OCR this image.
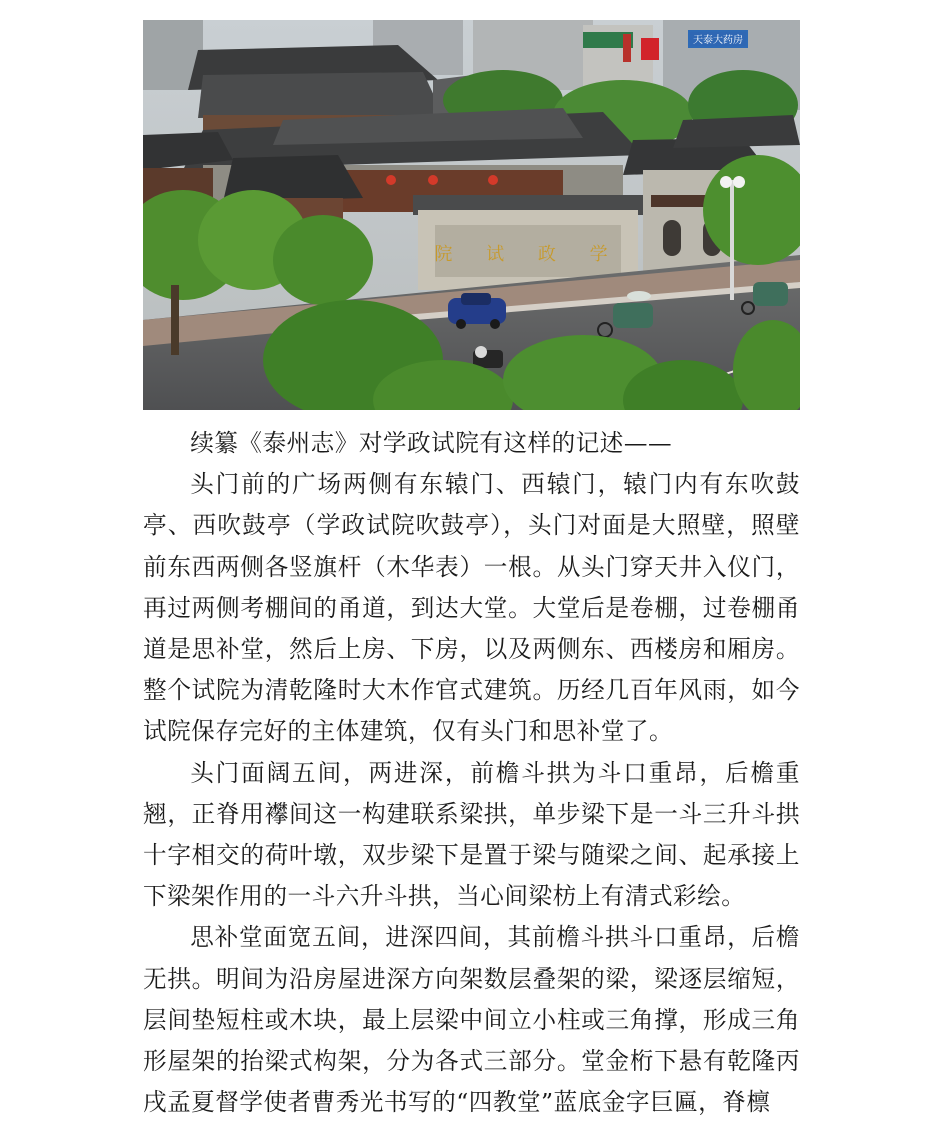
天泰大药房
院 试 政 学

续纂《泰州志》对学政试院有这样的记述——

头门前的广场两侧有东辕门、西辕门，辕门内有东吹鼓亭、西吹鼓亭（学政试院吹鼓亭），头门对面是大照壁，照壁前东西两侧各竖旗杆（木华表）一根。从头门穿天井入仪门，再过两侧考棚间的甬道，到达大堂。大堂后是卷棚，过卷棚甬道是思补堂，然后上房、下房，以及两侧东、西楼房和厢房。整个试院为清乾隆时大木作官式建筑。历经几百年风雨，如今试院保存完好的主体建筑，仅有头门和思补堂了。

头门面阔五间，两进深，前檐斗拱为斗口重昂，后檐重翘，正脊用襻间这一构建联系梁拱，单步梁下是一斗三升斗拱十字相交的荷叶墩，双步梁下是置于梁与随梁之间、起承接上下梁架作用的一斗六升斗拱，当心间梁枋上有清式彩绘。

思补堂面宽五间，进深四间，其前檐斗拱斗口重昂，后檐无拱。明间为沿房屋进深方向架数层叠架的梁，梁逐层缩短，层间垫短柱或木块，最上层梁中间立小柱或三角撑，形成三角形屋架的抬梁式构架，分为各式三部分。堂金桁下悬有乾隆丙戌孟夏督学使者曹秀光书写的“四教堂”蓝底金字巨匾，脊檩
